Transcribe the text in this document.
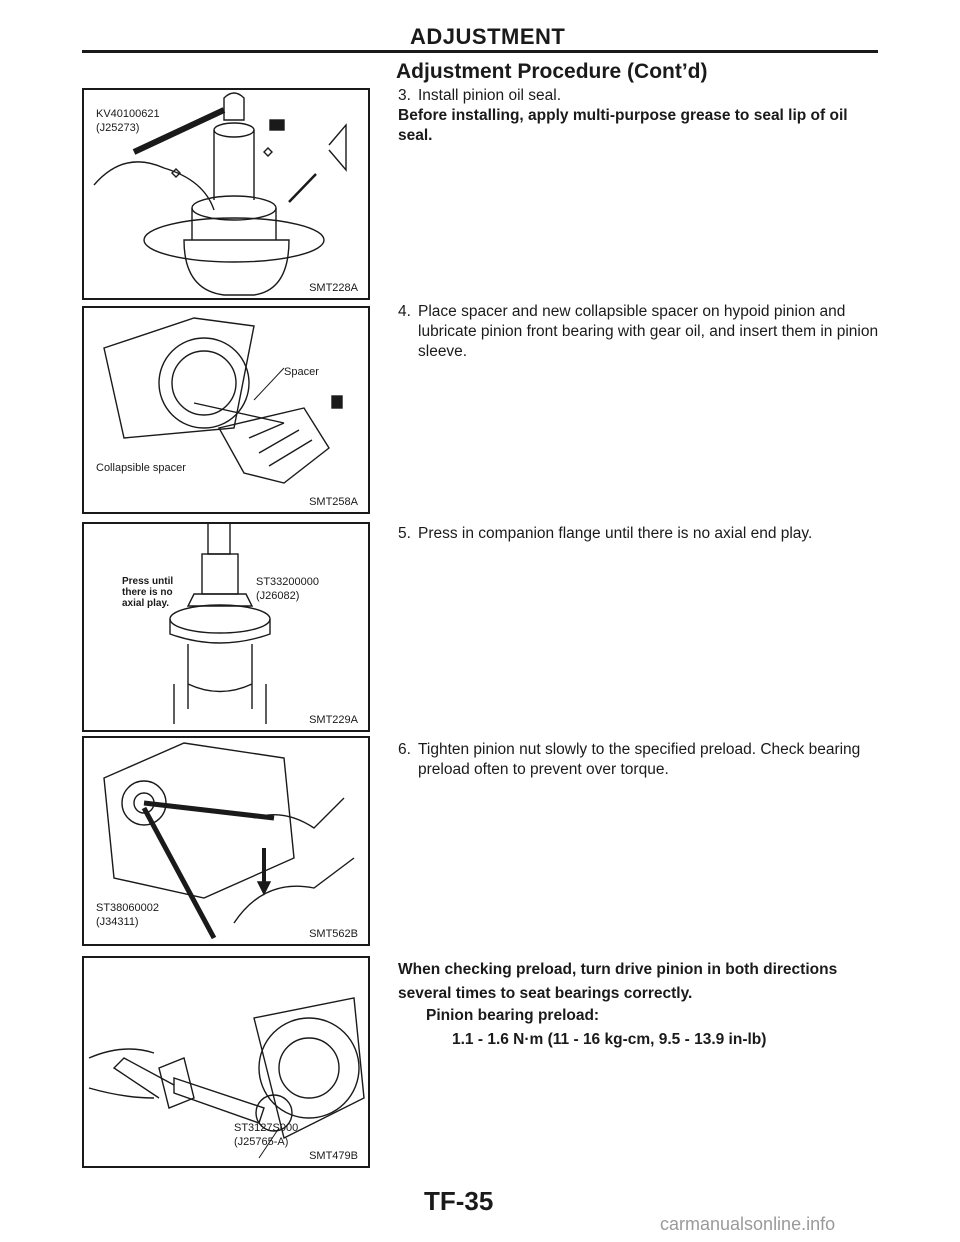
ADJUSTMENT
Adjustment Procedure (Cont’d)
KV40100621
(J25273)
SMT228A
Spacer
Collapsible spacer
SMT258A
Press until
there is no
axial play.
ST33200000
(J26082)
SMT229A
ST38060002
(J34311)
SMT562B
ST3127S000
(J25765-A)
SMT479B
3. Install pinion oil seal.
Before installing, apply multi-purpose grease to seal lip of oil seal.
4. Place spacer and new collapsible spacer on hypoid pinion and lubricate pinion front bearing with gear oil, and insert them in pinion sleeve.
5. Press in companion flange until there is no axial end play.
6. Tighten pinion nut slowly to the specified preload. Check bearing preload often to prevent over torque.
When checking preload, turn drive pinion in both directions several times to seat bearings correctly.
Pinion bearing preload:
1.1 - 1.6 N·m (11 - 16 kg-cm, 9.5 - 13.9 in-lb)
TF-35
carmanualsonline.info
